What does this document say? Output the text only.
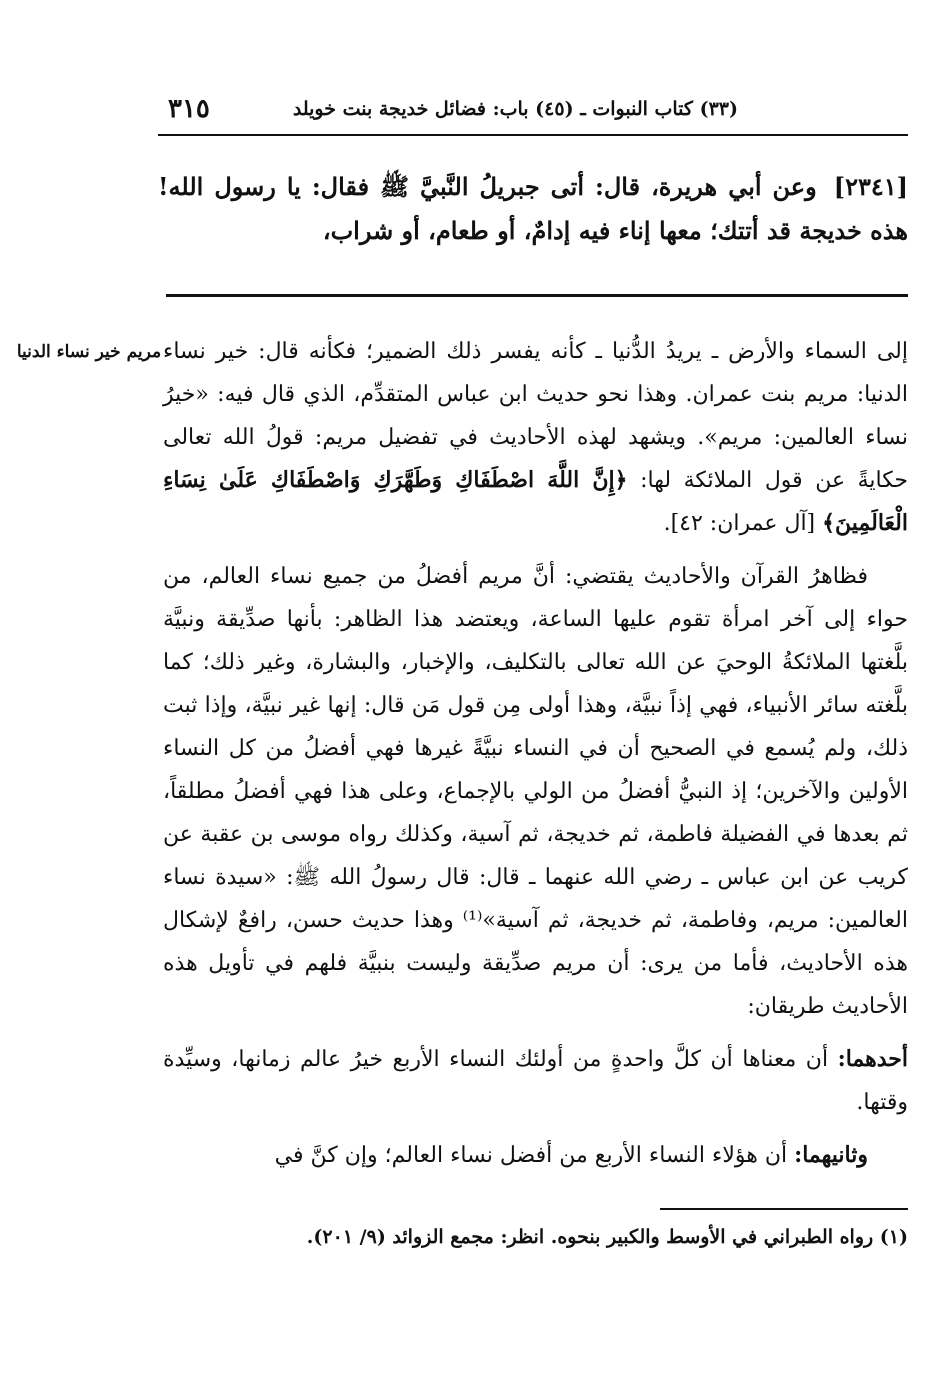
(٣٣) كتاب النبوات ـ (٤٥) باب: فضائل خديجة بنت خويلد
٣١٥
[٢٣٤١] وعن أبي هريرة، قال: أتى جبريلُ النَّبيَّ ﷺ فقال: يا رسول الله! هذه خديجة قد أتتك؛ معها إناء فيه إدامٌ، أو طعام، أو شراب،
مريم خير نساء الدنيا إلى السماء والأرض ـ يريدُ الدُّنيا ـ كأنه يفسر ذلك الضمير؛ فكأنه قال: خير نساء الدنيا: مريم بنت عمران. وهذا نحو حديث ابن عباس المتقدِّم، الذي قال فيه: «خيرُ نساء العالمين: مريم». ويشهد لهذه الأحاديث في تفضيل مريم: قولُ الله تعالى حكايةً عن قول الملائكة لها: ﴿إِنَّ اللَّهَ اصْطَفَاكِ وَطَهَّرَكِ وَاصْطَفَاكِ عَلَىٰ نِسَاءِ الْعَالَمِينَ﴾ [آل عمران: ٤٢].

فظاهرُ القرآن والأحاديث يقتضي: أنَّ مريم أفضلُ من جميع نساء العالم، من حواء إلى آخر امرأة تقوم عليها الساعة، ويعتضد هذا الظاهر: بأنها صدِّيقة ونبيَّة بلَّغتها الملائكةُ الوحيَ عن الله تعالى بالتكليف، والإخبار، والبشارة، وغير ذلك؛ كما بلَّغته سائر الأنبياء، فهي إذاً نبيَّة، وهذا أولى مِن قول مَن قال: إنها غير نبيَّة، وإذا ثبت ذلك، ولم يُسمع في الصحيح أن في النساء نبيَّةً غيرها فهي أفضلُ من كل النساء الأولين والآخرين؛ إذ النبيُّ أفضلُ من الولي بالإجماع، وعلى هذا فهي أفضلُ مطلقاً، ثم بعدها في الفضيلة فاطمة، ثم خديجة، ثم آسية، وكذلك رواه موسى بن عقبة عن كريب عن ابن عباس ـ رضي الله عنهما ـ قال: قال رسولُ الله ﷺ: «سيدة نساء العالمين: مريم، وفاطمة، ثم خديجة، ثم آسية»⁽¹⁾ وهذا حديث حسن، رافعٌ لإشكال هذه الأحاديث، فأما من يرى: أن مريم صدِّيقة وليست بنبيَّة فلهم في تأويل هذه الأحاديث طريقان:

أحدهما: أن معناها أن كلَّ واحدةٍ من أولئك النساء الأربع خيرُ عالم زمانها، وسيِّدة وقتها.

وثانيهما: أن هؤلاء النساء الأربع من أفضل نساء العالم؛ وإن كنَّ في

(١) رواه الطبراني في الأوسط والكبير بنحوه. انظر: مجمع الزوائد (٩/ ٢٠١).
